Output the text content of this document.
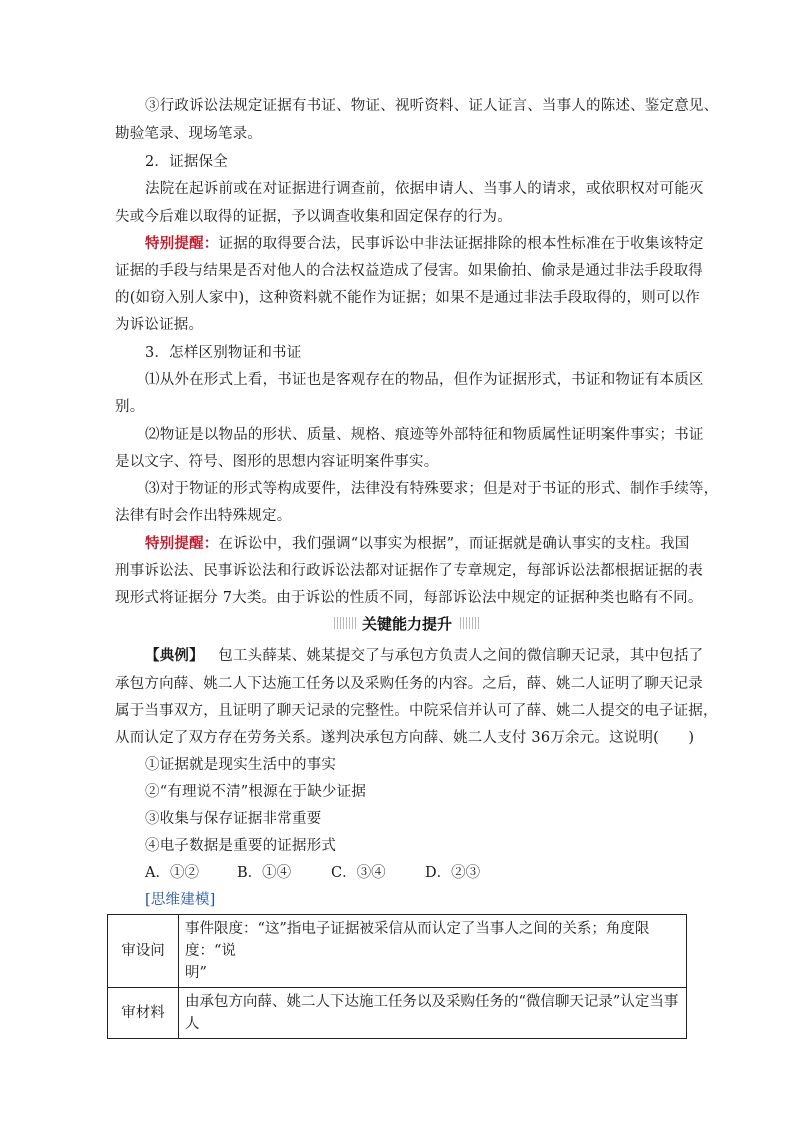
③行政诉讼法规定证据有书证、物证、视听资料、证人证言、当事人的陈述、鉴定意见、
勘验笔录、现场笔录。
2．证据保全
法院在起诉前或在对证据进行调查前，依据申请人、当事人的请求，或依职权对可能灭
失或今后难以取得的证据，予以调查收集和固定保存的行为。
特别提醒：证据的取得要合法，民事诉讼中非法证据排除的根本性标准在于收集该特定
证据的手段与结果是否对他人的合法权益造成了侵害。如果偷拍、偷录是通过非法手段取得
的(如窃入别人家中)，这种资料就不能作为证据；如果不是通过非法手段取得的，则可以作
为诉讼证据。
3．怎样区别物证和书证
⑴从外在形式上看，书证也是客观存在的物品，但作为证据形式，书证和物证有本质区
别。
⑵物证是以物品的形状、质量、规格、痕迹等外部特征和物质属性证明案件事实；书证
是以文字、符号、图形的思想内容证明案件事实。
⑶对于物证的形式等构成要件，法律没有特殊要求；但是对于书证的形式、制作手续等，
法律有时会作出特殊规定。
特别提醒：在诉讼中，我们强调“以事实为根据”，而证据就是确认事实的支柱。我国
刑事诉讼法、民事诉讼法和行政诉讼法都对证据作了专章规定，每部诉讼法都根据证据的表
现形式将证据分 7大类。由于诉讼的性质不同，每部诉讼法中规定的证据种类也略有不同。
关键能力提升
【典例】 包工头薛某、姚某提交了与承包方负责人之间的微信聊天记录，其中包括了
承包方向薛、姚二人下达施工任务以及采购任务的内容。之后，薛、姚二人证明了聊天记录
属于当事双方，且证明了聊天记录的完整性。中院采信并认可了薛、姚二人提交的电子证据，
从而认定了双方存在劳务关系。遂判决承包方向薛、姚二人支付 36万余元。这说明(　　)
①证据就是现实生活中的事实
②“有理说不清”根源在于缺少证据
③收集与保存证据非常重要
④电子数据是重要的证据形式
A．①②	B．①④	C．③④	D．②③
[思维建模]
审设问	事件限度：“这”指电子证据被采信从而认定了当事人之间的关系；角度限度：“说
明”

审材料	由承包方向薛、姚二人下达施工任务以及采购任务的“微信聊天记录”认定当事人
